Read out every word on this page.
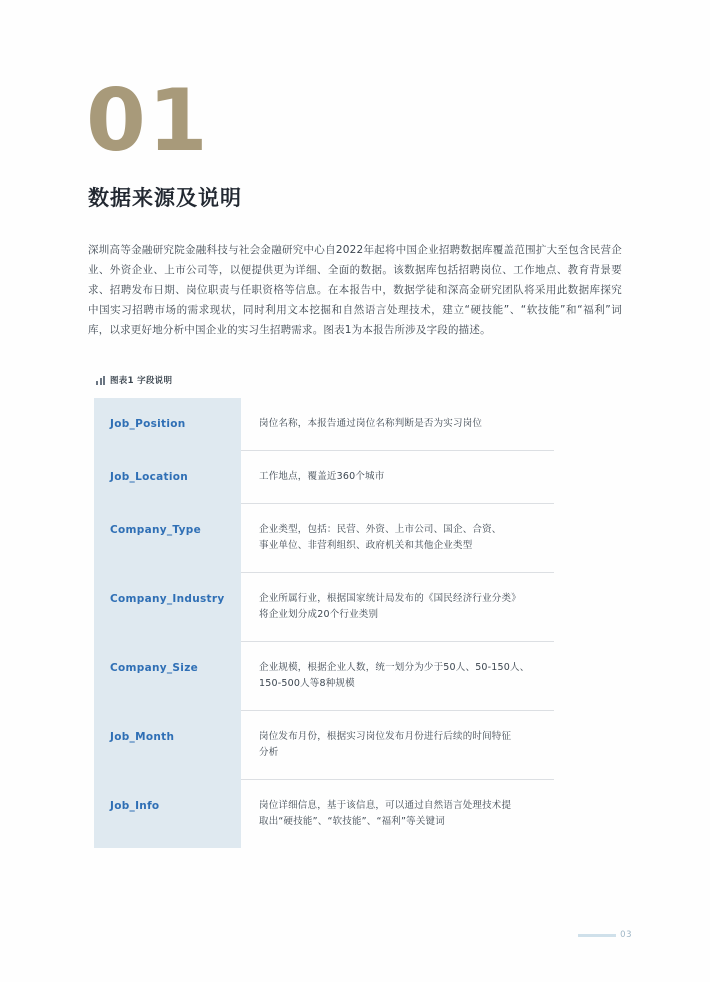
01
数据来源及说明
深圳高等金融研究院金融科技与社会金融研究中心自2022年起将中国企业招聘数据库覆盖范围扩大至包含民营企业、外资企业、上市公司等，以便提供更为详细、全面的数据。该数据库包括招聘岗位、工作地点、教育背景要求、招聘发布日期、岗位职责与任职资格等信息。在本报告中，数据学徒和深高金研究团队将采用此数据库探究中国实习招聘市场的需求现状，同时利用文本挖掘和自然语言处理技术，建立“硬技能”、“软技能”和“福利”词库，以求更好地分析中国企业的实习生招聘需求。图表1为本报告所涉及字段的描述。
图表1 字段说明
Job_Position	岗位名称，本报告通过岗位名称判断是否为实习岗位
Job_Location	工作地点，覆盖近360个城市
Company_Type	企业类型，包括：民营、外资、上市公司、国企、合资、
事业单位、非营利组织、政府机关和其他企业类型
Company_Industry	企业所属行业，根据国家统计局发布的《国民经济行业分类》
将企业划分成20个行业类别
Company_Size	企业规模，根据企业人数，统一划分为少于50人、50-150人、
150-500人等8种规模
Job_Month	岗位发布月份，根据实习岗位发布月份进行后续的时间特征
分析
Job_Info	岗位详细信息，基于该信息，可以通过自然语言处理技术提
取出“硬技能”、“软技能”、“福利”等关键词
03
